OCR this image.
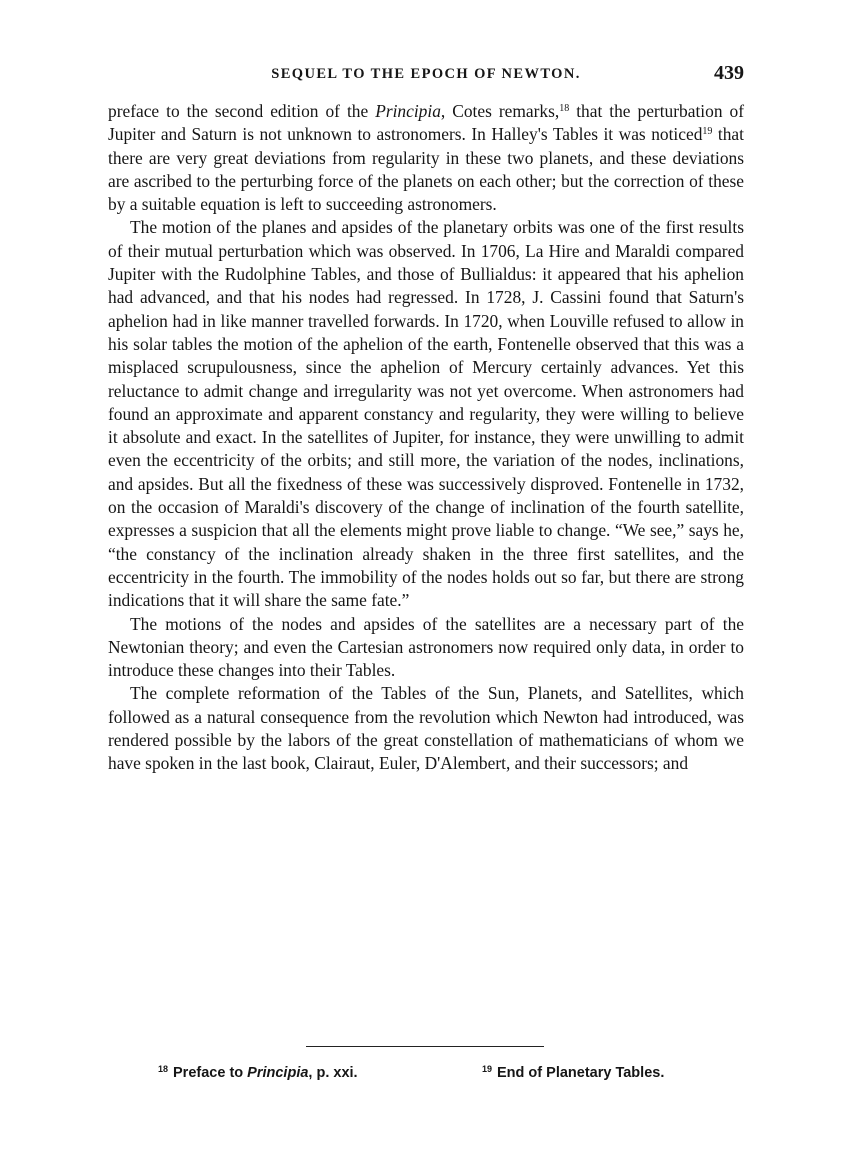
SEQUEL TO THE EPOCH OF NEWTON.	439

preface to the second edition of the Principia, Cotes remarks,$^{18}$ that the perturbation of Jupiter and Saturn is not unknown to astronomers. In Halley's Tables it was noticed$^{19}$ that there are very great deviations from regularity in these two planets, and these deviations are ascribed to the perturbing force of the planets on each other; but the correction of these by a suitable equation is left to succeeding astronomers.

The motion of the planes and apsides of the planetary orbits was one of the first results of their mutual perturbation which was observed. In 1706, La Hire and Maraldi compared Jupiter with the Rudolphine Tables, and those of Bullialdus: it appeared that his aphelion had advanced, and that his nodes had regressed. In 1728, J. Cassini found that Saturn's aphelion had in like manner travelled forwards. In 1720, when Louville refused to allow in his solar tables the motion of the aphelion of the earth, Fontenelle observed that this was a misplaced scrupulousness, since the aphelion of Mercury certainly advances. Yet this reluctance to admit change and irregularity was not yet overcome. When astronomers had found an approximate and apparent constancy and regularity, they were willing to believe it absolute and exact. In the satellites of Jupiter, for instance, they were unwilling to admit even the eccentricity of the orbits; and still more, the variation of the nodes, inclinations, and apsides. But all the fixedness of these was successively disproved. Fontenelle in 1732, on the occasion of Maraldi's discovery of the change of inclination of the fourth satellite, expresses a suspicion that all the elements might prove liable to change. “We see,” says he, “the constancy of the inclination already shaken in the three first satellites, and the eccentricity in the fourth. The immobility of the nodes holds out so far, but there are strong indications that it will share the same fate.”

The motions of the nodes and apsides of the satellites are a necessary part of the Newtonian theory; and even the Cartesian astronomers now required only data, in order to introduce these changes into their Tables.

The complete reformation of the Tables of the Sun, Planets, and Satellites, which followed as a natural consequence from the revolution which Newton had introduced, was rendered possible by the labors of the great constellation of mathematicians of whom we have spoken in the last book, Clairaut, Euler, D'Alembert, and their successors; and

$^{18}$ Preface to Principia, p. xxi.	$^{19}$ End of Planetary Tables.
